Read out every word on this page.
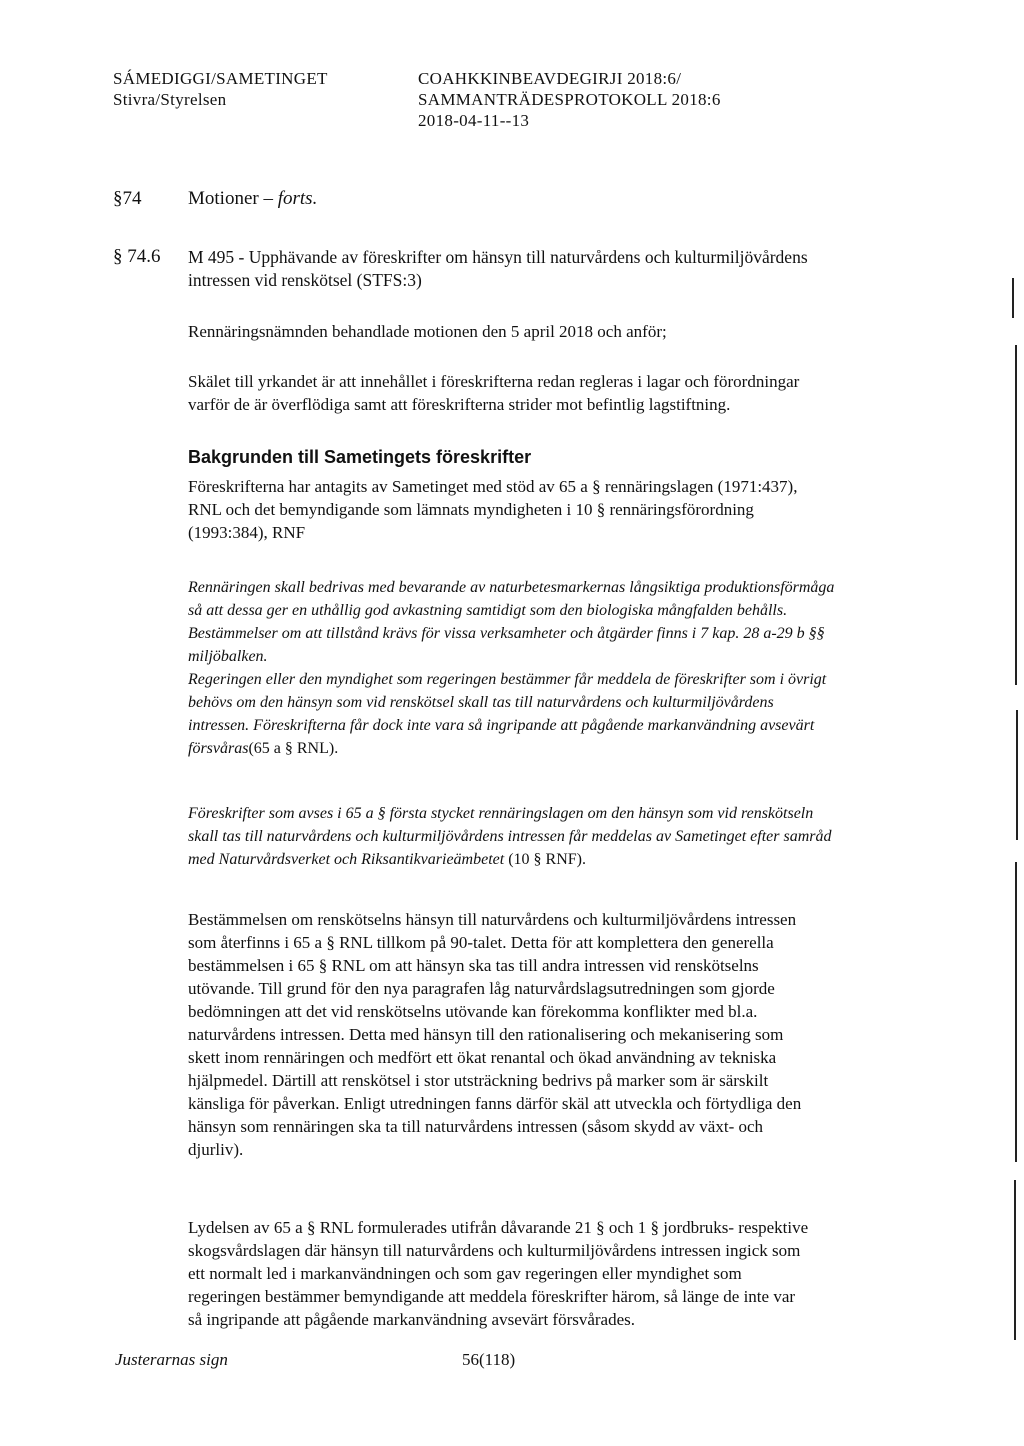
SÁMEDIGGI/SAMETINGET
Stivra/Styrelsen
COAHKKINBEAVDEGIRJI 2018:6/
SAMMANTRÄDESPROTOKOLL 2018:6
2018-04-11--13
§74 Motioner – forts.
§ 74.6 M 495 - Upphävande av föreskrifter om hänsyn till naturvårdens och kulturmiljövårdens
intressen vid renskötsel (STFS:3)
Rennäringsnämnden behandlade motionen den 5 april 2018 och anför;
Skälet till yrkandet är att innehållet i föreskrifterna redan regleras i lagar och förordningar
varför de är överflödiga samt att föreskrifterna strider mot befintlig lagstiftning.
Bakgrunden till Sametingets föreskrifter
Föreskrifterna har antagits av Sametinget med stöd av 65 a § rennäringslagen (1971:437),
RNL och det bemyndigande som lämnats myndigheten i 10 § rennäringsförordning
(1993:384), RNF
Rennäringen skall bedrivas med bevarande av naturbetesmarkernas långsiktiga produktionsförmåga
så att dessa ger en uthållig god avkastning samtidigt som den biologiska mångfalden behålls.
Bestämmelser om att tillstånd krävs för vissa verksamheter och åtgärder finns i 7 kap. 28 a-29 b §§
miljöbalken.
Regeringen eller den myndighet som regeringen bestämmer får meddela de föreskrifter som i övrigt
behövs om den hänsyn som vid renskötsel skall tas till naturvårdens och kulturmiljövårdens
intressen. Föreskrifterna får dock inte vara så ingripande att pågående markanvändning avsevärt
försvåras(65 a § RNL).
Föreskrifter som avses i 65 a § första stycket rennäringslagen om den hänsyn som vid renskötseln
skall tas till naturvårdens och kulturmiljövårdens intressen får meddelas av Sametinget efter samråd
med Naturvårdsverket och Riksantikvarieämbetet (10 § RNF).
Bestämmelsen om renskötselns hänsyn till naturvårdens och kulturmiljövårdens intressen
som återfinns i 65 a § RNL tillkom på 90-talet. Detta för att komplettera den generella
bestämmelsen i 65 § RNL om att hänsyn ska tas till andra intressen vid renskötselns
utövande. Till grund för den nya paragrafen låg naturvårdslagsutredningen som gjorde
bedömningen att det vid renskötselns utövande kan förekomma konflikter med bl.a.
naturvårdens intressen. Detta med hänsyn till den rationalisering och mekanisering som
skett inom rennäringen och medfört ett ökat renantal och ökad användning av tekniska
hjälpmedel. Därtill att renskötsel i stor utsträckning bedrivs på marker som är särskilt
känsliga för påverkan. Enligt utredningen fanns därför skäl att utveckla och förtydliga den
hänsyn som rennäringen ska ta till naturvårdens intressen (såsom skydd av växt- och
djurliv).
Lydelsen av 65 a § RNL formulerades utifrån dåvarande 21 § och 1 § jordbruks- respektive
skogsvårdslagen där hänsyn till naturvårdens och kulturmiljövårdens intressen ingick som
ett normalt led i markanvändningen och som gav regeringen eller myndighet som
regeringen bestämmer bemyndigande att meddela föreskrifter härom, så länge de inte var
så ingripande att pågående markanvändning avsevärt försvårades.
Justerarnas sign	56(118)
